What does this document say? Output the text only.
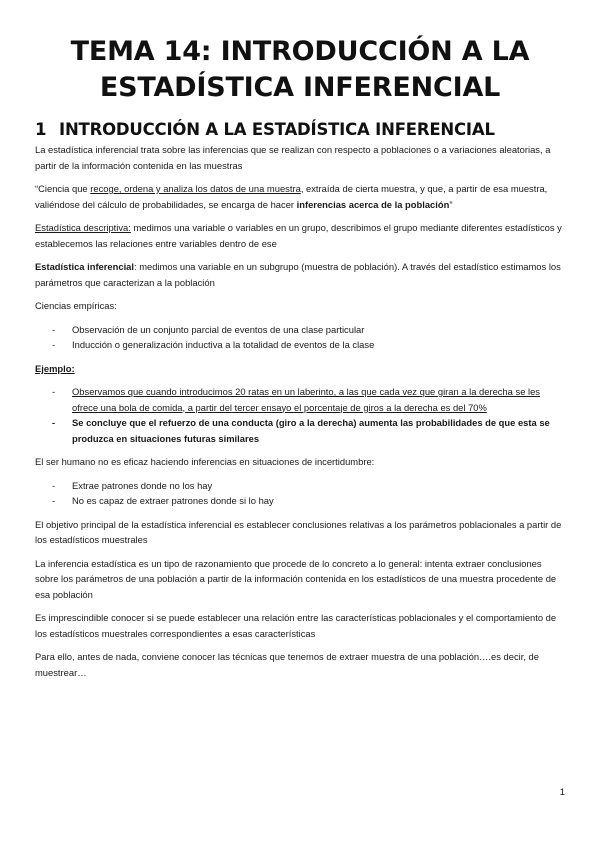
TEMA 14: INTRODUCCIÓN A LA
ESTADÍSTICA INFERENCIAL
1 INTRODUCCIÓN A LA ESTADÍSTICA INFERENCIAL

La estadística inferencial trata sobre las inferencias que se realizan con respecto a poblaciones o a variaciones aleatorias, a partir de la información contenida en las muestras

“Ciencia que recoge, ordena y analiza los datos de una muestra, extraída de cierta muestra, y que, a partir de esa muestra, valiéndose del cálculo de probabilidades, se encarga de hacer inferencias acerca de la población”

Estadística descriptiva: medimos una variable o variables en un grupo, describimos el grupo mediante diferentes estadísticos y establecemos las relaciones entre variables dentro de ese

Estadística inferencial: medimos una variable en un subgrupo (muestra de población). A través del estadístico estimamos los parámetros que caracterizan a la población

Ciencias empíricas:

- Observación de un conjunto parcial de eventos de una clase particular
- Inducción o generalización inductiva a la totalidad de eventos de la clase

Ejemplo:

- Observamos que cuando introducimos 20 ratas en un laberinto, a las que cada vez que giran a la derecha se les ofrece una bola de comida, a partir del tercer ensayo el porcentaje de giros a la derecha es del 70%
- Se concluye que el refuerzo de una conducta (giro a la derecha) aumenta las probabilidades de que esta se produzca en situaciones futuras similares

El ser humano no es eficaz haciendo inferencias en situaciones de incertidumbre:

- Extrae patrones donde no los hay
- No es capaz de extraer patrones donde si lo hay

El objetivo principal de la estadística inferencial es establecer conclusiones relativas a los parámetros poblacionales a partir de los estadísticos muestrales

La inferencia estadística es un tipo de razonamiento que procede de lo concreto a lo general: intenta extraer conclusiones sobre los parámetros de una población a partir de la información contenida en los estadísticos de una muestra procedente de esa población

Es imprescindible conocer si se puede establecer una relación entre las características poblacionales y el comportamiento de los estadísticos muestrales correspondientes a esas características

Para ello, antes de nada, conviene conocer las técnicas que tenemos de extraer muestra de una población….es decir, de muestrear…

1
